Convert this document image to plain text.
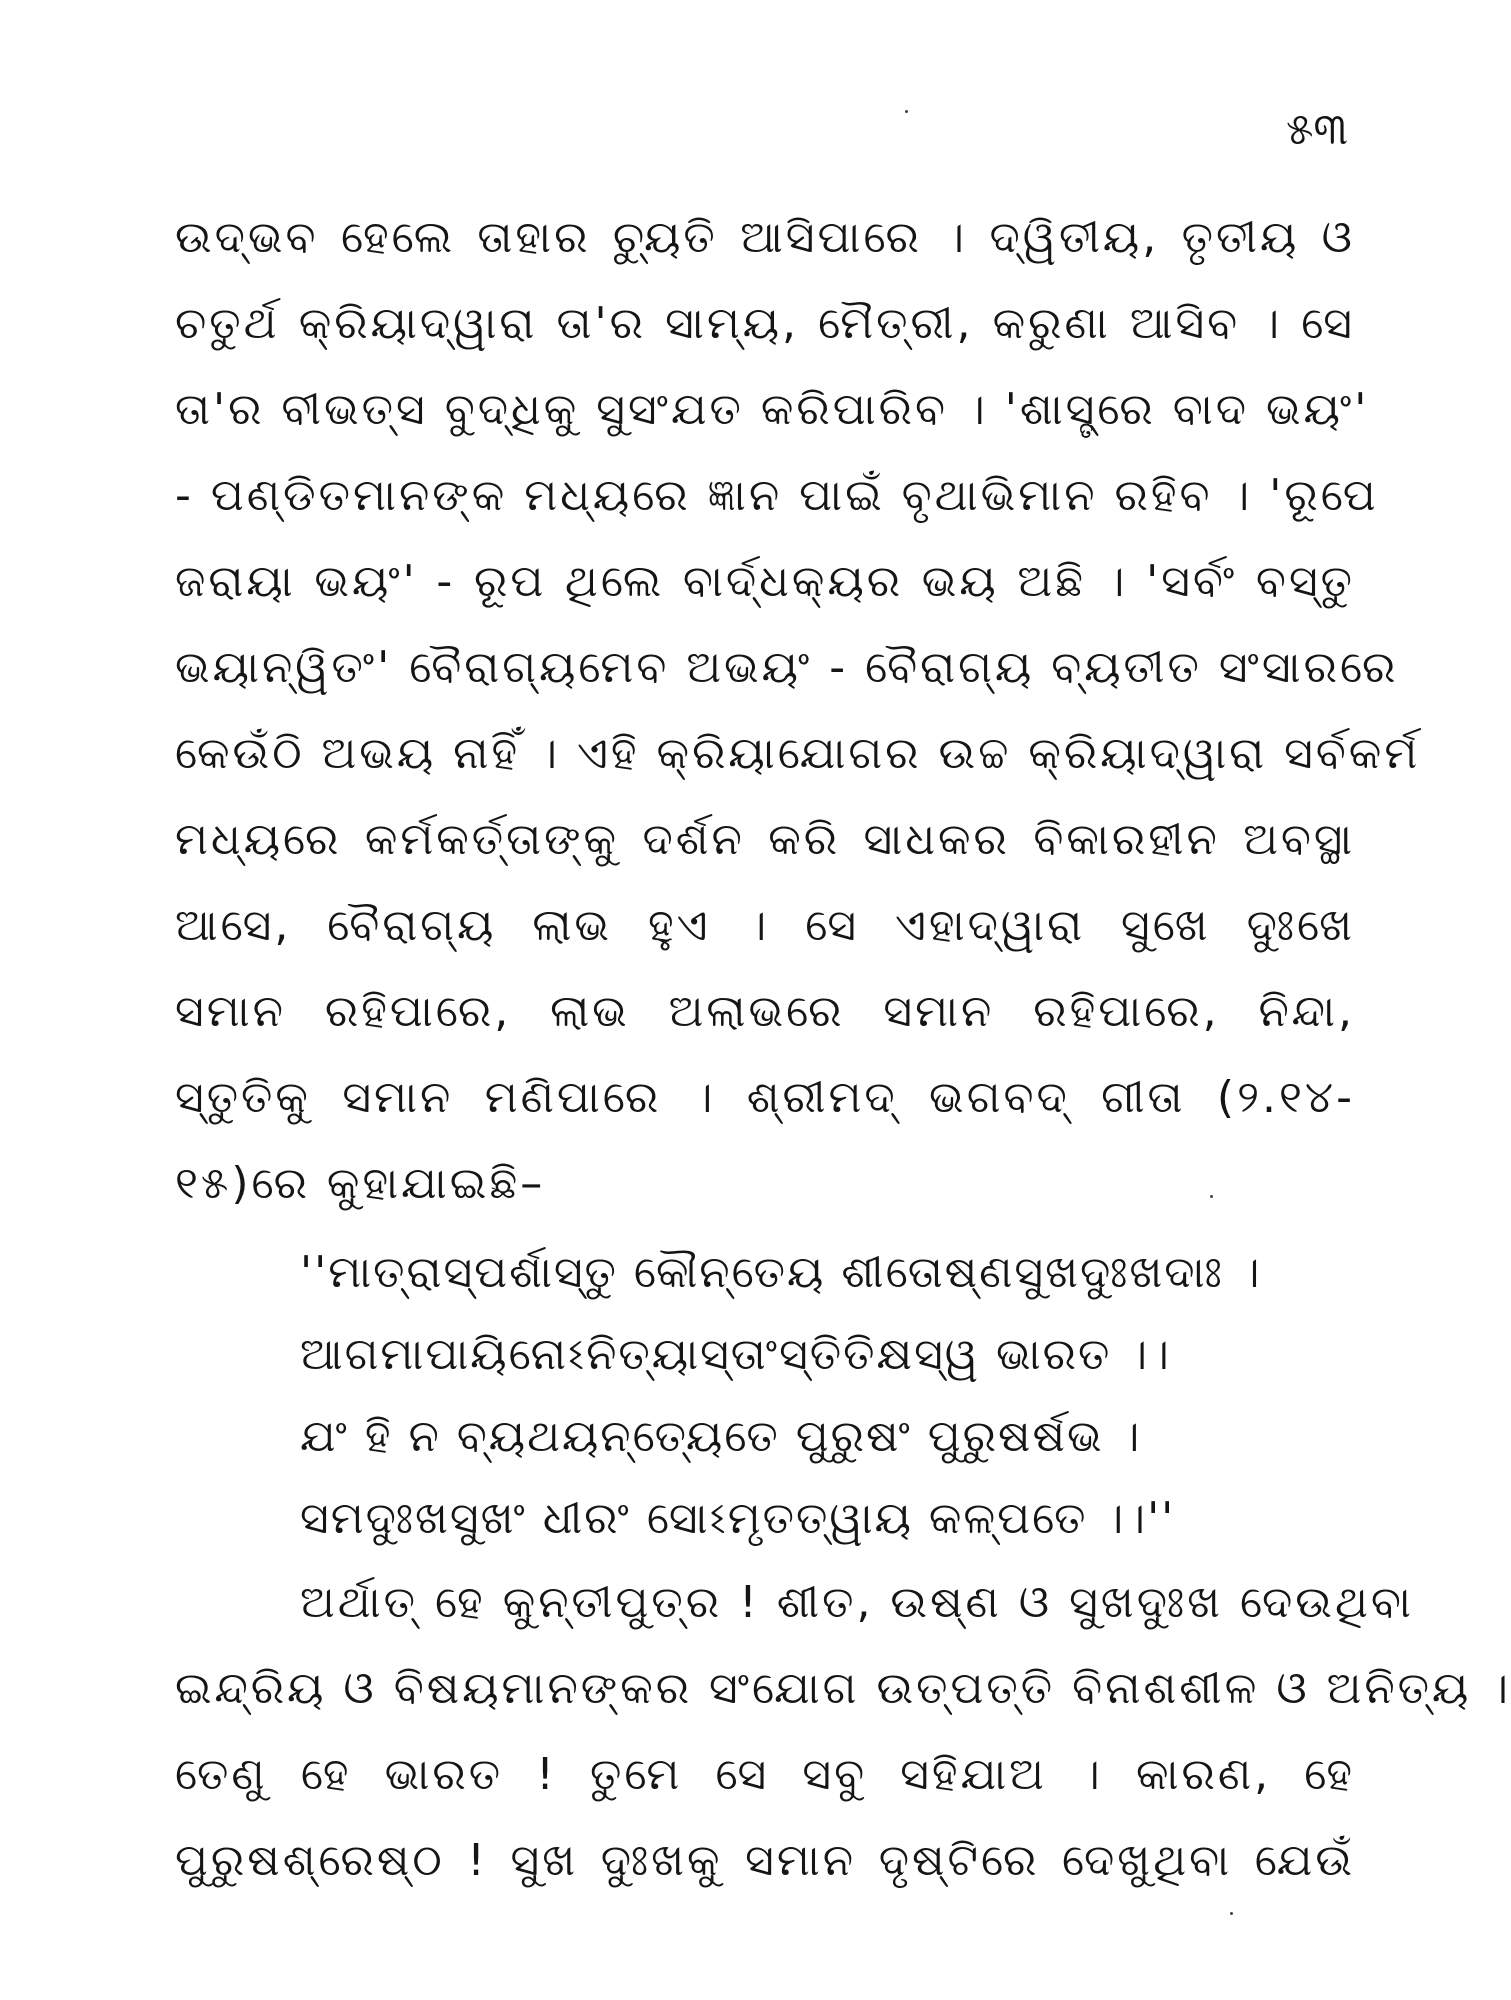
୫୩
ଉଦ୍‌ଭବ ହେଲେ ତାହାର ଚ୍ୟୁତି ଆସିପାରେ । ଦ୍ୱିତୀୟ, ତୃତୀୟ ଓ
ଚତୁର୍ଥ କ୍ରିୟାଦ୍ୱାରା ତା'ର ସାମ୍ୟ, ମୈତ୍ରୀ, କରୁଣା ଆସିବ । ସେ
ତା'ର ବୀଭତ୍ସ ବୁଦ୍ଧିକୁ ସୁସଂଯତ କରିପାରିବ । 'ଶାସ୍ତ୍ରେ ବାଦ ଭୟଂ'
- ପଣ୍ଡିତମାନଙ୍କ ମଧ୍ୟରେ ଜ୍ଞାନ ପାଇଁ ବୃଥାଭିମାନ ରହିବ । 'ରୂପେ
ଜରାୟା ଭୟଂ' - ରୂପ ଥିଲେ ବାର୍ଦ୍ଧକ୍ୟର ଭୟ ଅଛି । 'ସର୍ବଂ ବସ୍ତୁ
ଭୟାନ୍ୱିତଂ' ବୈରାଗ୍ୟମେବ ଅଭୟଂ - ବୈରାଗ୍ୟ ବ୍ୟତୀତ ସଂସାରରେ
କେଉଁଠି ଅଭୟ ନାହିଁ । ଏହି କ୍ରିୟାଯୋଗର ଉଚ୍ଚ କ୍ରିୟାଦ୍ୱାରା ସର୍ବକର୍ମ
ମଧ୍ୟରେ କର୍ମକର୍ତ୍ତାଙ୍କୁ ଦର୍ଶନ କରି ସାଧକର ବିକାରହୀନ ଅବସ୍ଥା
ଆସେ, ବୈରାଗ୍ୟ ଲାଭ ହୁଏ । ସେ ଏହାଦ୍ୱାରା ସୁଖେ ଦୁଃଖେ
ସମାନ ରହିପାରେ, ଲାଭ ଅଲାଭରେ ସମାନ ରହିପାରେ, ନିନ୍ଦା,
ସ୍ତୁତିକୁ ସମାନ ମଣିପାରେ । ଶ୍ରୀମଦ୍ ଭଗବଦ୍ ଗୀତା (୨.୧୪-
୧୫)ରେ କୁହାଯାଇଛି–
''ମାତ୍ରାସ୍ପର୍ଶାସ୍ତୁ କୌନ୍ତେୟ ଶୀତୋଷ୍ଣସୁଖଦୁଃଖଦାଃ ।
ଆଗମାପାୟିନୋଽନିତ୍ୟାସ୍ତାଂସ୍ତିତିକ୍ଷସ୍ୱ ଭାରତ ।।
ଯଂ ହି ନ ବ୍ୟଥୟନ୍ତ୍ୟେତେ ପୁରୁଷଂ ପୁରୁଷର୍ଷଭ ।
ସମଦୁଃଖସୁଖଂ ଧୀରଂ ସୋଽମୃତତ୍ୱାୟ କଳ୍ପତେ ।।''
ଅର୍ଥାତ୍ ହେ କୁନ୍ତୀପୁତ୍ର ! ଶୀତ, ଉଷ୍ଣ ଓ ସୁଖଦୁଃଖ ଦେଉଥିବା
ଇନ୍ଦ୍ରିୟ ଓ ବିଷୟମାନଙ୍କର ସଂଯୋଗ ଉତ୍ପତ୍ତି ବିନାଶଶୀଳ ଓ ଅନିତ୍ୟ ।
ତେଣୁ ହେ ଭାରତ ! ତୁମେ ସେ ସବୁ ସହିଯାଅ । କାରଣ, ହେ
ପୁରୁଷଶ୍ରେଷ୍ଠ ! ସୁଖ ଦୁଃଖକୁ ସମାନ ଦୃଷ୍ଟିରେ ଦେଖୁଥିବା ଯେଉଁ
